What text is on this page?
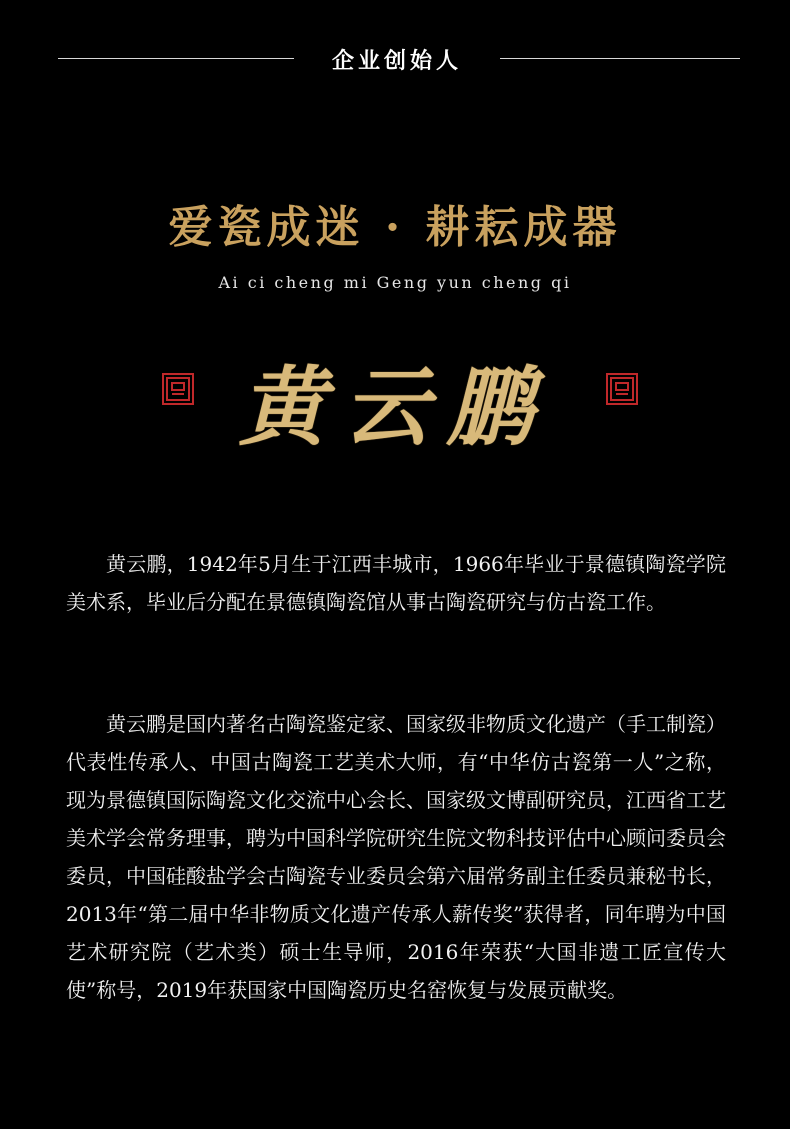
企业创始人
爱瓷成迷 · 耕耘成器
Ai ci cheng mi Geng yun cheng qi
黄云鹏

黄云鹏，1942年5月生于江西丰城市，1966年毕业于景德镇陶瓷学院美术系，毕业后分配在景德镇陶瓷馆从事古陶瓷研究与仿古瓷工作。

黄云鹏是国内著名古陶瓷鉴定家、国家级非物质文化遗产（手工制瓷）代表性传承人、中国古陶瓷工艺美术大师，有“中华仿古瓷第一人”之称，现为景德镇国际陶瓷文化交流中心会长、国家级文博副研究员，江西省工艺美术学会常务理事，聘为中国科学院研究生院文物科技评估中心顾问委员会委员，中国硅酸盐学会古陶瓷专业委员会第六届常务副主任委员兼秘书长，2013年“第二届中华非物质文化遗产传承人薪传奖”获得者，同年聘为中国艺术研究院（艺术类）硕士生导师，2016年荣获“大国非遗工匠宣传大使”称号，2019年获国家中国陶瓷历史名窑恢复与发展贡献奖。
